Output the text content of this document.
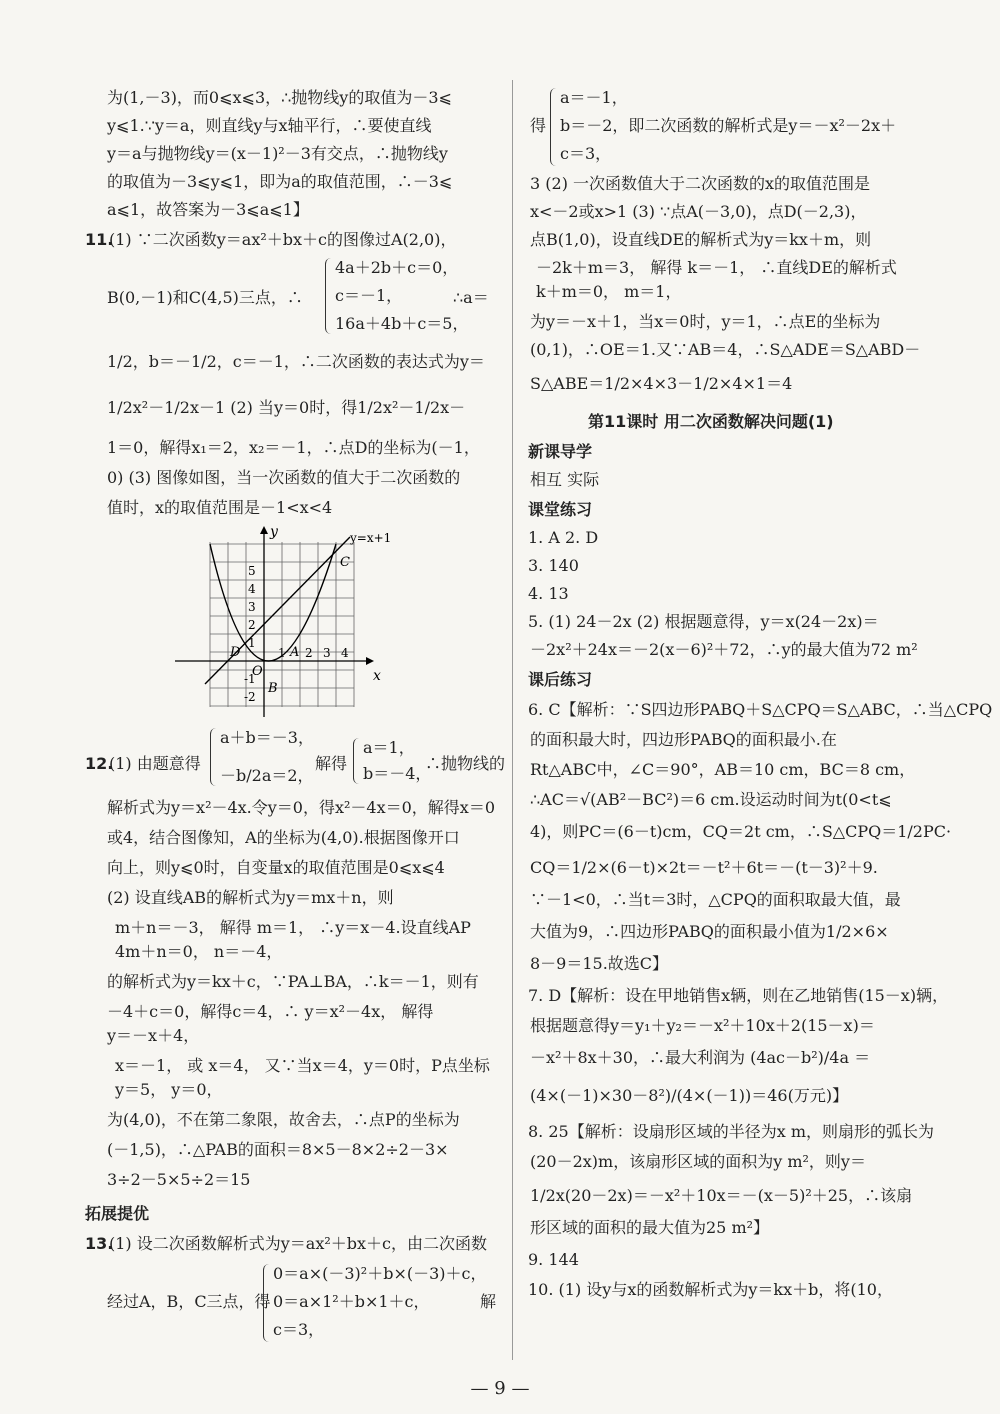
为(1,－3)，而0⩽x⩽3，∴抛物线y的取值为－3⩽
y⩽1.∵y＝a，则直线y与x轴平行，∴要使直线
y＝a与抛物线y＝(x－1)²－3有交点，∴抛物线y
的取值为－3⩽y⩽1，即为a的取值范围，∴－3⩽
a⩽1，故答案为－3⩽a⩽1】
11.
(1) ∵二次函数y＝ax²＋bx＋c的图像过A(2,0)，
B(0,－1)和C(4,5)三点，∴
4a＋2b＋c＝0，
c＝－1，
16a＋4b＋c＝5，
∴a＝
1/2，b＝－1/2，c＝－1，∴二次函数的表达式为y＝
1/2x²－1/2x－1 (2) 当y＝0时，得1/2x²－1/2x－
1＝0，解得x₁＝2，x₂＝－1，∴点D的坐标为(－1，
0) (3) 图像如图，当一次函数的值大于二次函数的
值时，x的取值范围是－1<x<4
y
x
y=x+1
C
A
B
D
O
5
4
3
2
1
-1
-2
1 2 3 4
12.
(1) 由题意得
a＋b＝－3，
－b/2a＝2，
解得
a＝1，
b＝－4，
∴抛物线的
解析式为y＝x²－4x.令y＝0，得x²－4x＝0，解得x＝0
或4，结合图像知，A的坐标为(4,0).根据图像开口
向上，则y⩽0时，自变量x的取值范围是0⩽x⩽4
(2) 设直线AB的解析式为y＝mx＋n，则
m＋n＝－3， 解得 m＝1， ∴y＝x－4.设直线AP
4m＋n＝0， n＝－4，
的解析式为y＝kx＋c，∵PA⊥BA，∴k＝－1，则有
－4＋c＝0，解得c＝4，∴ y＝x²－4x， 解得
y＝－x＋4，
x＝－1， 或 x＝4， 又∵当x＝4，y＝0时，P点坐标
y＝5， y＝0，
为(4,0)，不在第二象限，故舍去，∴点P的坐标为
(－1,5)，∴△PAB的面积＝8×5－8×2÷2－3×
3÷2－5×5÷2＝15
拓展提优
13.
(1) 设二次函数解析式为y＝ax²＋bx＋c，由二次函数
经过A，B，C三点，得
0＝a×(－3)²＋b×(－3)＋c，
0＝a×1²＋b×1＋c，
c＝3，
解
a＝－1，
得 b＝－2，即二次函数的解析式是y＝－x²－2x＋
c＝3，
3 (2) 一次函数值大于二次函数的x的取值范围是
x<－2或x>1 (3) ∵点A(－3,0)，点D(－2,3)，
点B(1,0)，设直线DE的解析式为y＝kx＋m，则
－2k＋m＝3， 解得 k＝－1， ∴直线DE的解析式
k＋m＝0， m＝1，
为y＝－x＋1，当x＝0时，y＝1，∴点E的坐标为
(0,1)，∴OE＝1.又∵AB＝4，∴S△ADE＝S△ABD－
S△ABE＝1/2×4×3－1/2×4×1＝4
第11课时 用二次函数解决问题(1)
新课导学
相互 实际
课堂练习
1. A 2. D
3. 140
4. 13
5. (1) 24－2x (2) 根据题意得，y＝x(24－2x)＝
－2x²＋24x＝－2(x－6)²＋72，∴y的最大值为72 m²
课后练习
6. C【解析：∵S四边形PABQ＋S△CPQ＝S△ABC，∴当△CPQ
的面积最大时，四边形PABQ的面积最小.在
Rt△ABC中，∠C＝90°，AB＝10 cm，BC＝8 cm，
∴AC＝√(AB²－BC²)＝6 cm.设运动时间为t(0<t⩽
4)，则PC＝(6－t)cm，CQ＝2t cm，∴S△CPQ＝1/2PC·
CQ＝1/2×(6－t)×2t＝－t²＋6t＝－(t－3)²＋9.
∵－1<0，∴当t＝3时，△CPQ的面积取最大值，最
大值为9，∴四边形PABQ的面积最小值为1/2×6×
8－9＝15.故选C】
7. D【解析：设在甲地销售x辆，则在乙地销售(15－x)辆，
根据题意得y＝y₁＋y₂＝－x²＋10x＋2(15－x)＝
－x²＋8x＋30，∴最大利润为 (4ac－b²)/4a ＝
(4×(－1)×30－8²)/(4×(－1))＝46(万元)】
8. 25【解析：设扇形区域的半径为x m，则扇形的弧长为
(20－2x)m，该扇形区域的面积为y m²，则y＝
1/2x(20－2x)＝－x²＋10x＝－(x－5)²＋25，∴该扇
形区域的面积的最大值为25 m²】
9. 144
10. (1) 设y与x的函数解析式为y＝kx＋b，将(10，
— 9 —
